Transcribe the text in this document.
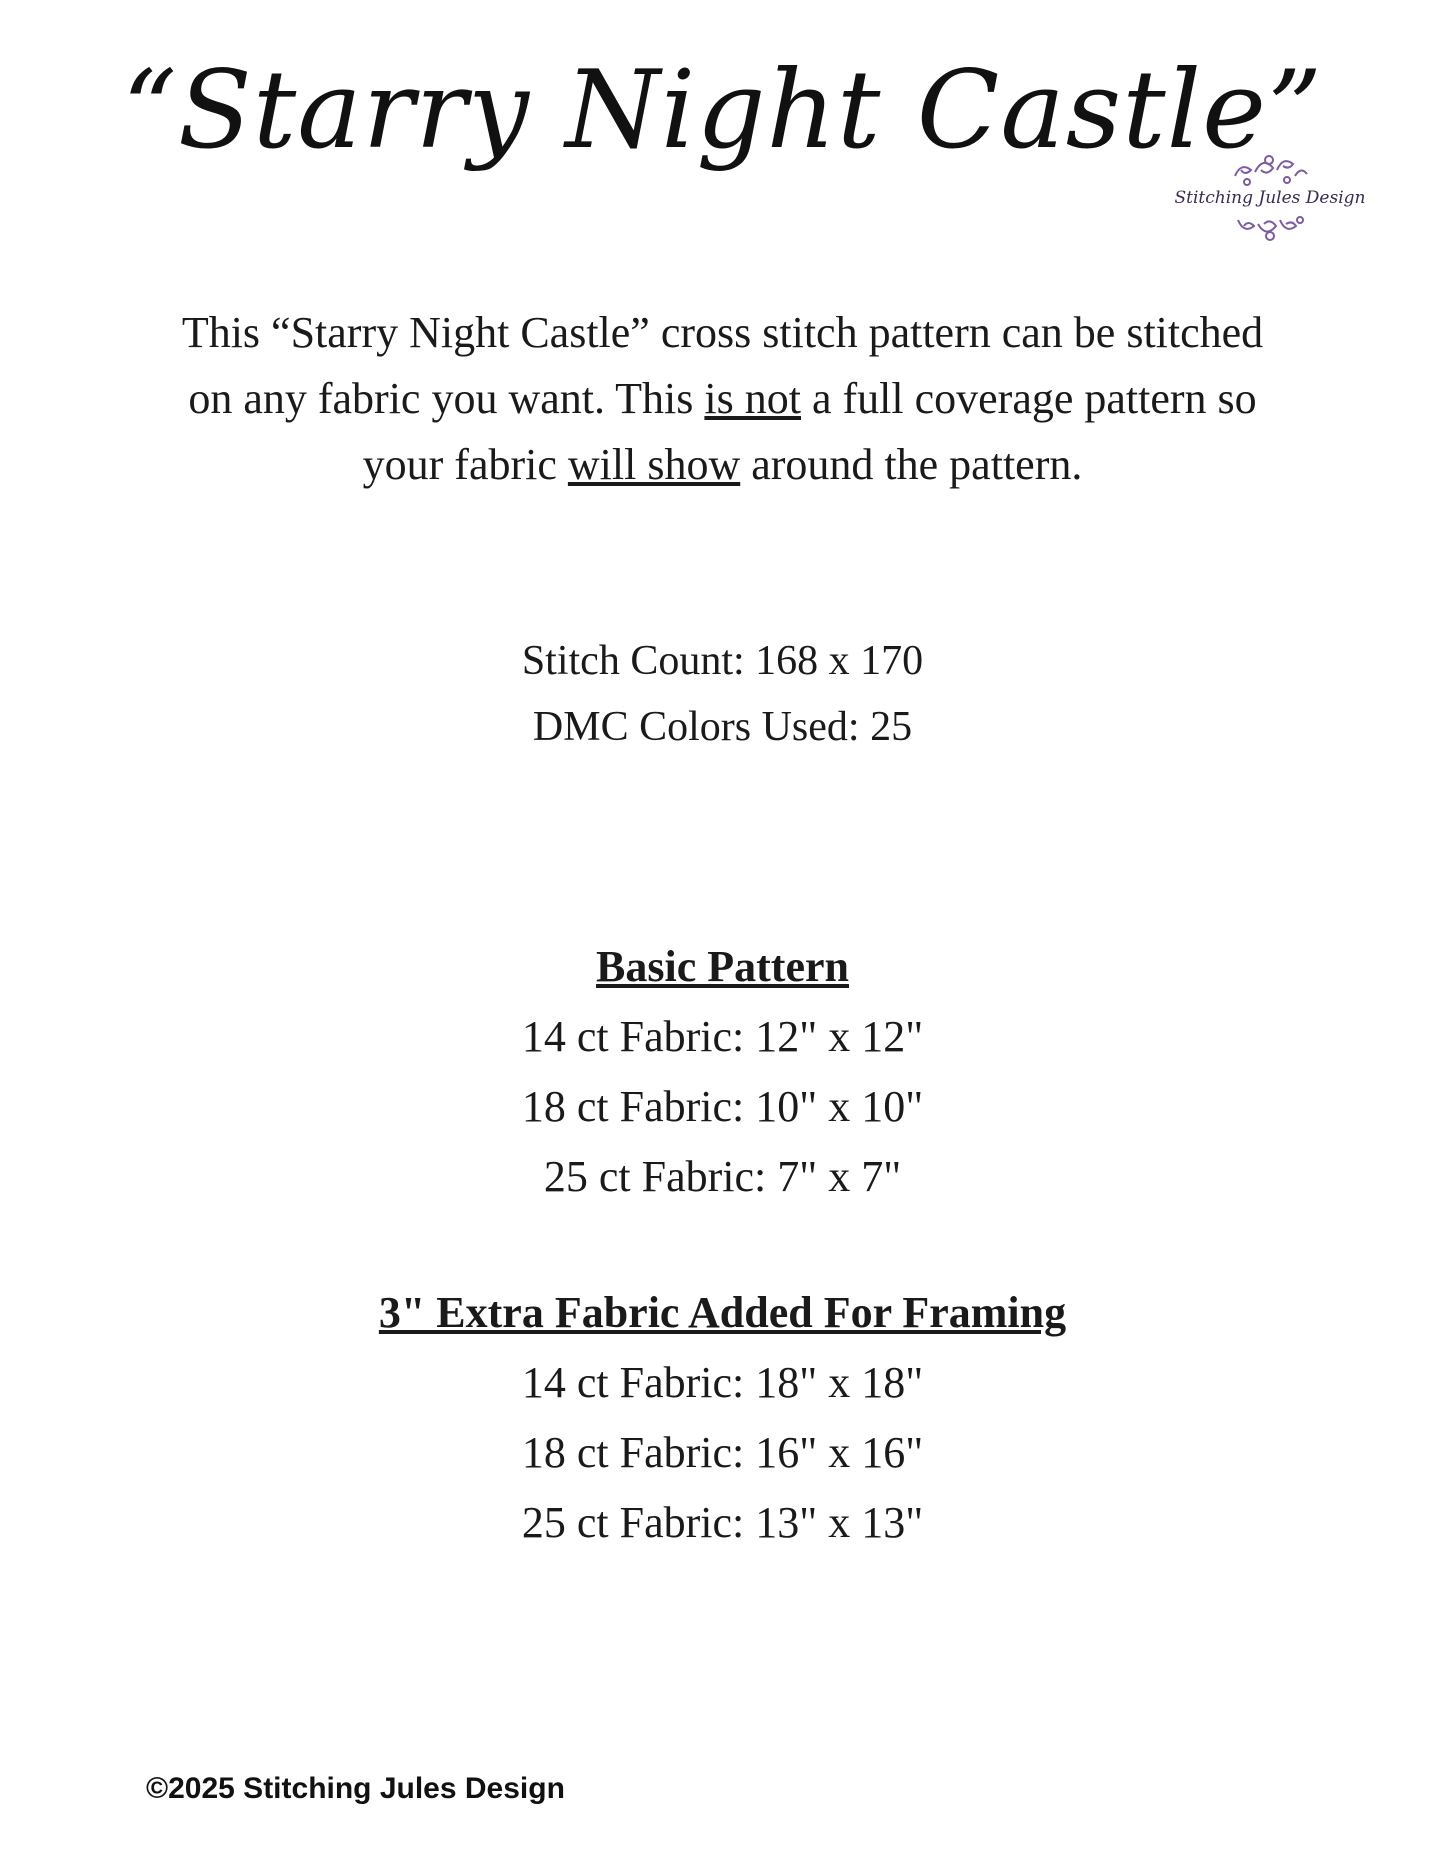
“Starry Night Castle”
Stitching Jules Design
This “Starry Night Castle” cross stitch pattern can be stitched on any fabric you want. This is not a full coverage pattern so your fabric will show around the pattern.
Stitch Count: 168 x 170
DMC Colors Used: 25
Basic Pattern
14 ct Fabric: 12" x 12"
18 ct Fabric: 10" x 10"
25 ct Fabric: 7" x 7"
3" Extra Fabric Added For Framing
14 ct Fabric: 18" x 18"
18 ct Fabric: 16" x 16"
25 ct Fabric: 13" x 13"
©2025 Stitching Jules Design
